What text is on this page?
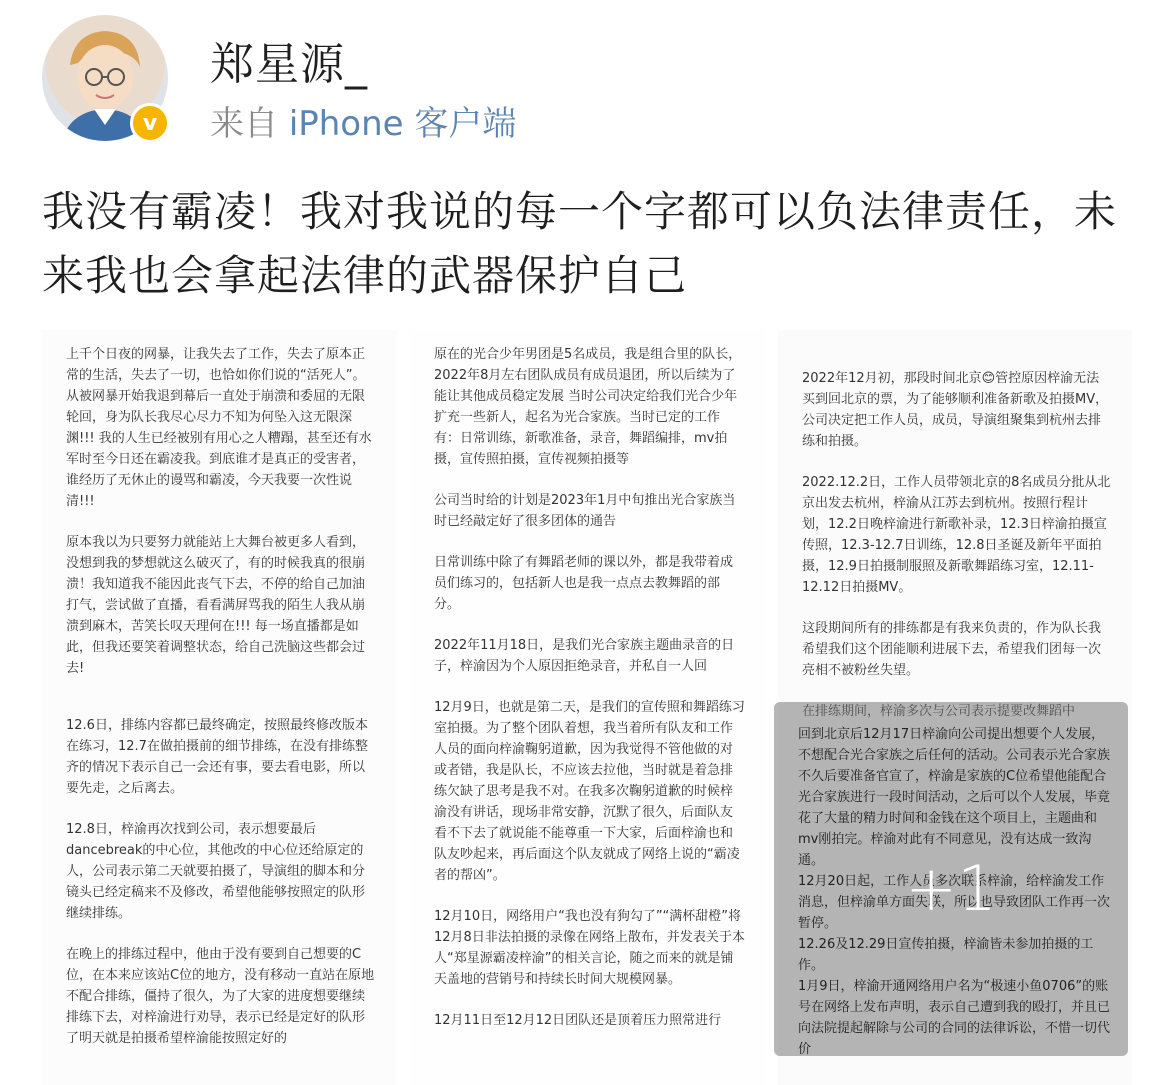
v
郑星源_
来自 iPhone 客户端
我没有霸凌！我对我说的每一个字都可以负法律责任，未来我也会拿起法律的武器保护自己

上千个日夜的网暴，让我失去了工作，失去了原本正常的生活，失去了一切，也恰如你们说的“活死人”。从被网暴开始我退到幕后一直处于崩溃和委屈的无限轮回，身为队长我尽心尽力不知为何坠入这无限深渊!!! 我的人生已经被别有用心之人糟蹋，甚至还有水军时至今日还在霸凌我。到底谁才是真正的受害者，谁经历了无休止的谩骂和霸凌，今天我要一次性说清!!!

原本我以为只要努力就能站上大舞台被更多人看到，没想到我的梦想就这么破灭了，有的时候我真的很崩溃！我知道我不能因此丧气下去，不停的给自己加油打气，尝试做了直播，看看满屏骂我的陌生人我从崩溃到麻木，苦笑长叹天理何在!!! 每一场直播都是如此，但我还要笑着调整状态，给自己洗脑这些都会过去!

12.6日，排练内容都已最终确定，按照最终修改版本在练习，12.7在做拍摄前的细节排练，在没有排练整齐的情况下表示自己一会还有事，要去看电影，所以要先走，之后离去。

12.8日，梓渝再次找到公司，表示想要最后dancebreak的中心位，其他改的中心位还给原定的人，公司表示第二天就要拍摄了，导演组的脚本和分镜头已经定稿来不及修改，希望他能够按照定的队形继续排练。

在晚上的排练过程中，他由于没有要到自己想要的C位，在本来应该站C位的地方，没有移动一直站在原地不配合排练，僵持了很久，为了大家的进度想要继续排练下去，对梓渝进行劝导，表示已经是定好的队形了明天就是拍摄希望梓渝能按照定好的

原在的光合少年男团是5名成员，我是组合里的队长，2022年8月左右团队成员有成员退团，所以后续为了能让其他成员稳定发展 当时公司决定给我们光合少年扩充一些新人，起名为光合家族。当时已定的工作有：日常训练，新歌准备，录音，舞蹈编排，mv拍摄，宣传照拍摄，宣传视频拍摄等

公司当时给的计划是2023年1月中旬推出光合家族当时已经敲定好了很多团体的通告

日常训练中除了有舞蹈老师的课以外，都是我带着成员们练习的，包括新人也是我一点点去教舞蹈的部分。

2022年11月18日，是我们光合家族主题曲录音的日子，梓渝因为个人原因拒绝录音，并私自一人回

12月9日，也就是第二天，是我们的宣传照和舞蹈练习室拍摄。为了整个团队着想，我当着所有队友和工作人员的面向梓渝鞠躬道歉，因为我觉得不管他做的对或者错，我是队长，不应该去拉他，当时就是着急排练欠缺了思考是我不对。在我多次鞠躬道歉的时候梓渝没有讲话，现场非常安静，沉默了很久，后面队友看不下去了就说能不能尊重一下大家，后面梓渝也和队友吵起来，再后面这个队友就成了网络上说的“霸凌者的帮凶”。

12月10日，网络用户“我也没有狗勾了”“满杯甜橙”将12月8日非法拍摄的录像在网络上散布，并发表关于本人“郑星源霸凌梓渝”的相关言论，随之而来的就是铺天盖地的营销号和持续长时间大规模网暴。

12月11日至12月12日团队还是顶着压力照常进行

2022年12月初，那段时间北京😊管控原因梓渝无法买到回北京的票，为了能够顺利准备新歌及拍摄MV，公司决定把工作人员，成员，导演组聚集到杭州去排练和拍摄。

2022.12.2日，工作人员带领北京的8名成员分批从北京出发去杭州，梓渝从江苏去到杭州。按照行程计划，12.2日晚梓渝进行新歌补录，12.3日梓渝拍摄宣传照，12.3-12.7日训练，12.8日圣诞及新年平面拍摄，12.9日拍摄制服照及新歌舞蹈练习室，12.11-12.12日拍摄MV。

这段期间所有的排练都是有我来负责的，作为队长我希望我们这个团能顺利进展下去，希望我们团每一次亮相不被粉丝失望。

回到北京后12月17日梓渝向公司提出想要个人发展，不想配合光合家族之后任何的活动。公司表示光合家族不久后要准备官宣了，梓渝是家族的C位希望他能配合光合家族进行一段时间活动，之后可以个人发展，毕竟花了大量的精力时间和金钱在这个项目上，主题曲和mv刚拍完。梓渝对此有不同意见，没有达成一致沟通。

12月20日起，工作人员多次联系梓渝，给梓渝发工作消息，但梓渝单方面失联，所以也导致团队工作再一次暂停。

12.26及12.29日宣传拍摄，梓渝皆未参加拍摄的工作。

1月9日，梓渝开通网络用户名为“极速小鱼0706”的账号在网络上发布声明，表示自己遭到我的殴打，并且已向法院提起解除与公司的合同的法律诉讼，不惜一切代价

+1
